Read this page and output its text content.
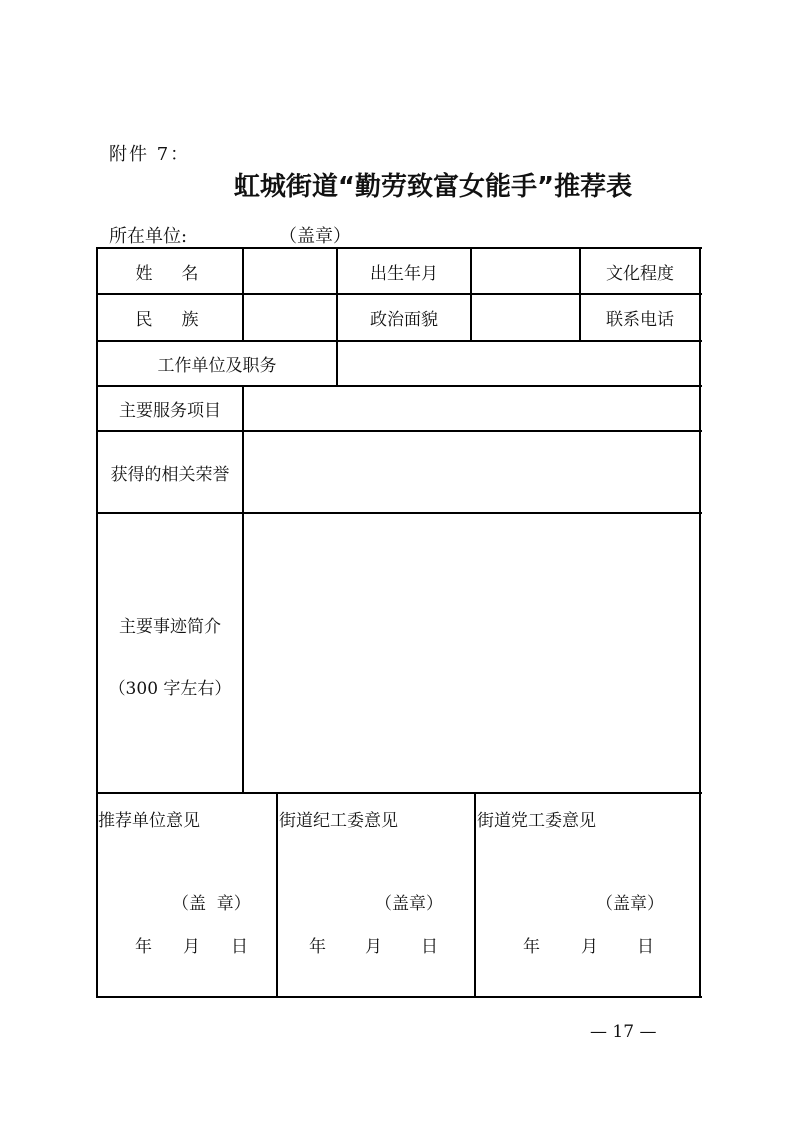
附件 7：
虹城街道“勤劳致富女能手”推荐表
所在单位:	（盖章）
姓　名	出生年月	文化程度
民　族	政治面貌	联系电话
工作单位及职务
主要服务项目
获得的相关荣誉
主要事迹简介
（300 字左右）
推荐单位意见
（盖  章）
年 月 日
街道纪工委意见
（盖章）
年 月 日
街道党工委意见
（盖章）
年 月 日
— 17 —
